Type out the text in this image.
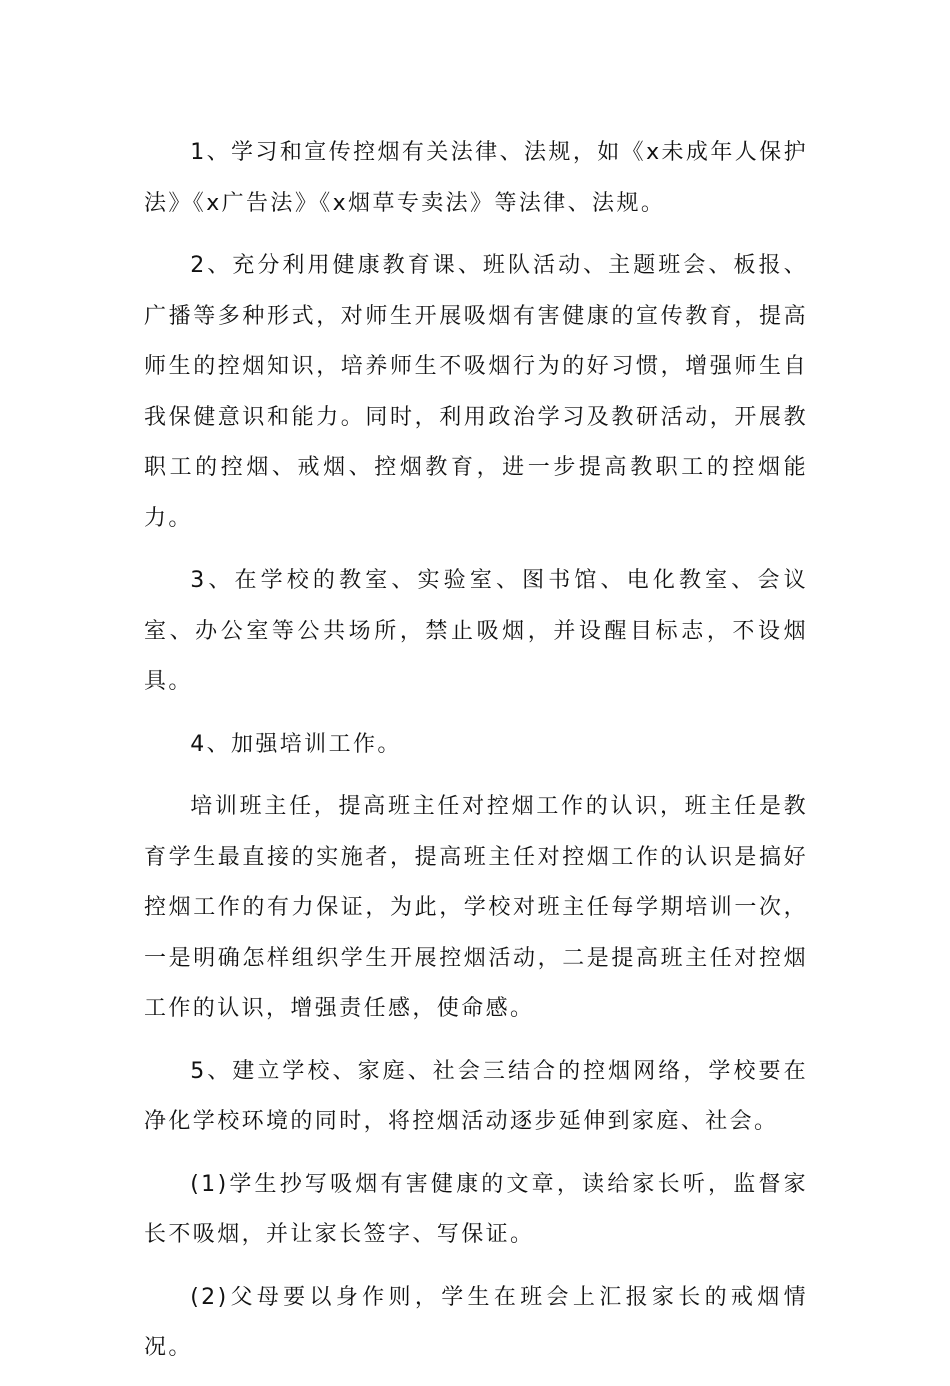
1、学习和宣传控烟有关法律、法规，如《x未成年人保护法》《x广告法》《x烟草专卖法》等法律、法规。

2、充分利用健康教育课、班队活动、主题班会、板报、广播等多种形式，对师生开展吸烟有害健康的宣传教育，提高师生的控烟知识，培养师生不吸烟行为的好习惯，增强师生自我保健意识和能力。同时，利用政治学习及教研活动，开展教职工的控烟、戒烟、控烟教育，进一步提高教职工的控烟能力。

3、在学校的教室、实验室、图书馆、电化教室、会议室、办公室等公共场所，禁止吸烟，并设醒目标志，不设烟具。

4、加强培训工作。

培训班主任，提高班主任对控烟工作的认识，班主任是教育学生最直接的实施者，提高班主任对控烟工作的认识是搞好控烟工作的有力保证，为此，学校对班主任每学期培训一次，一是明确怎样组织学生开展控烟活动，二是提高班主任对控烟工作的认识，增强责任感，使命感。

5、建立学校、家庭、社会三结合的控烟网络，学校要在净化学校环境的同时，将控烟活动逐步延伸到家庭、社会。

(1)学生抄写吸烟有害健康的文章，读给家长听，监督家长不吸烟，并让家长签字、写保证。

(2)父母要以身作则，学生在班会上汇报家长的戒烟情况。
